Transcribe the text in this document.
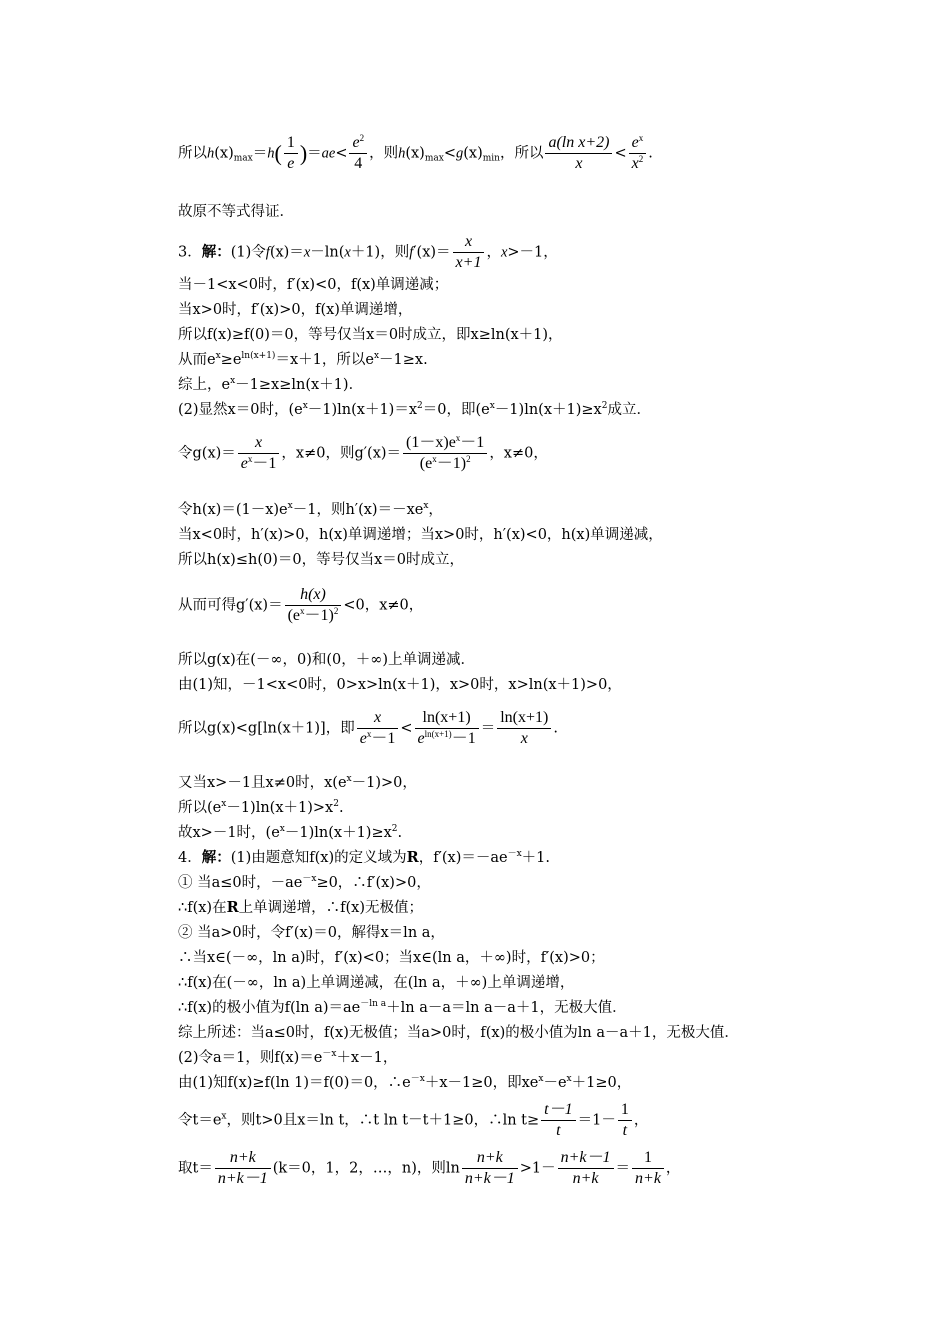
所以$h(x)_{max}=h( \frac{1}{e} )=ae< \frac{e^2}{4}$ ，则$h(x)_{max}<g(x)_{min}$，所以 $\frac{\text{a(ln x+2)}}{x} < \frac{e^x}{x^2}$ .
故原不等式得证．
3．解：(1)令f(x)＝x－ln(x＋1)，则$f'(x)= \frac{x}{x+1}$ ，x>－1，
当－1<x<0时，f′(x)<0，f(x)单调递减；
当x>0时，f′(x)>0，f(x)单调递增，
所以f(x)≥f(0)＝0，等号仅当x＝0时成立，即x≥ln(x＋1)，
从而$e^x\ge e^{ln(x+1)}=x+1$，所以$e^x-1\ge x$.
综上，$e^x-1\ge x\ge\ln(x+1)$．
(2)显然x＝0时，$(e^x-1)\ln(x+1)=x^2=0$，即$(e^x-1)\ln(x+1)\ge x^2$成立．
令$g(x)= \frac{x}{e^x-1}$ ，x≠0，则$g'(x)= \frac{(1-x)e^x-1}{(e^x-1)^2}$ ，x≠0，
令$h(x)=(1-x)e^x-1$，则$h'(x)=-xe^x$，
当x<0时，h′(x)>0，h(x)单调递增；当x>0时，h′(x)<0，h(x)单调递减，
所以h(x)≤h(0)＝0，等号仅当x＝0时成立，
从而可得$g'(x)= \frac{h(x)}{(e^x-1)^2} <0$，x≠0，
所以g(x)在(－∞，0)和(0，＋∞)上单调递减．
由(1)知，－1<x<0时，0>x>ln(x＋1)，x>0时，x>ln(x＋1)>0，
所以g(x)<g[ln(x＋1)]，即 $\frac{x}{e^x-1} < \frac{\ln(x+1)}{e^{ln(x+1)}-1} = \frac{\ln(x+1)}{x}$ .
又当x>－1且x≠0时，$x(e^x-1)>0$，
所以$(e^x-1)\ln(x+1)>x^2$.
故x>－1时，$(e^x-1)\ln(x+1)\ge x^2$.
4．解：(1)由题意知f(x)的定义域为R，$f'(x)=-ae^{-x}+1$.
① 当a≤0时，$-ae^{-x}\ge 0$，∴f′(x)>0，
∴f(x)在R上单调递增，∴f(x)无极值；
② 当a>0时，令f′(x)＝0，解得x＝ln a，
∴当x∈(－∞，ln a)时，f′(x)<0；当x∈(ln a，＋∞)时，f′(x)>0；
∴f(x)在(－∞，ln a)上单调递减，在(ln a，＋∞)上单调递增，
∴f(x)的极小值为f(ln $a)=ae^{-ln a}+\ln$ a－a＝ln a－a＋1，无极大值．
综上所述：当a≤0时，f(x)无极值；当a>0时，f(x)的极小值为ln a－a＋1，无极大值．
(2)令a＝1，则$f(x)=e^{-x}+x-1$，
由(1)知f(x)≥f(ln 1)＝f(0)＝0，$\therefore e^{-x}+x-1\ge 0$，即$xe^x-e^x+1\ge 0$，
令$t=e^x$，则t>0且x＝ln t，∴t ln t－t＋1≥0，∴ln $t\ge \frac{t-1}{t} =1- \frac{1}{t}$ ，
取$t= \frac{n+k}{n+k-1} (k=0$，1，2，…，n)，则$\ln \frac{n+k}{n+k-1} >1- \frac{n+k-1}{n+k} = \frac{1}{n+k}$ ，
